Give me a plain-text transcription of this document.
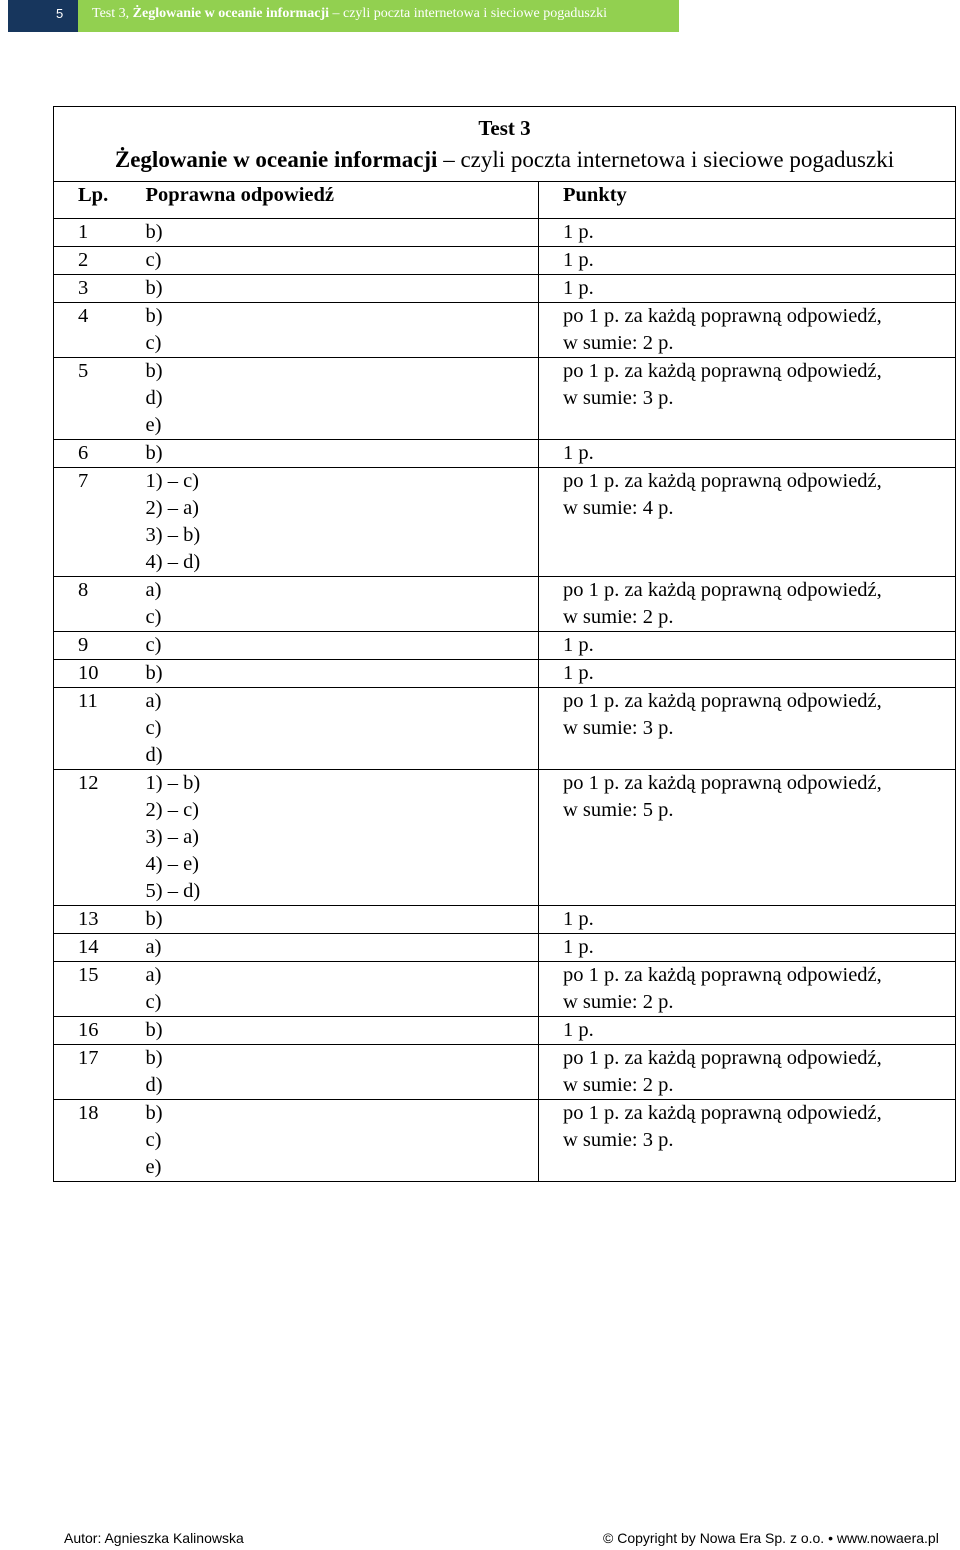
5	Test 3, Żeglowanie w oceanie informacji – czyli poczta internetowa i sieciowe pogaduszki
Test 3
Żeglowanie w oceanie informacji – czyli poczta internetowa i sieciowe pogaduszki		
Lp.	Poprawna odpowiedź	Punkty
1	b)	1 p.

2	c)	1 p.

3	b)	1 p.

4	b)
c)	po 1 p. za każdą poprawną odpowiedź,
w sumie: 2 p.

5	b)
d)
e)	po 1 p. za każdą poprawną odpowiedź,
w sumie: 3 p.

6	b)	1 p.

7	1) – c)
2) – a)
3) – b)
4) – d)	po 1 p. za każdą poprawną odpowiedź,
w sumie: 4 p.

8	a)
c)	po 1 p. za każdą poprawną odpowiedź,
w sumie: 2 p.

9	c)	1 p.

10	b)	1 p.

11	a)
c)
d)	po 1 p. za każdą poprawną odpowiedź,
w sumie: 3 p.

12	1) – b)
2) – c)
3) – a)
4) – e)
5) – d)	po 1 p. za każdą poprawną odpowiedź,
w sumie: 5 p.

13	b)	1 p.

14	a)	1 p.

15	a)
c)	po 1 p. za każdą poprawną odpowiedź,
w sumie: 2 p.

16	b)	1 p.

17	b)
d)	po 1 p. za każdą poprawną odpowiedź,
w sumie: 2 p.

18	b)
c)
e)	po 1 p. za każdą poprawną odpowiedź,
w sumie: 3 p.
Autor: Agnieszka Kalinowska	© Copyright by Nowa Era Sp. z o.o. • www.nowaera.pl
